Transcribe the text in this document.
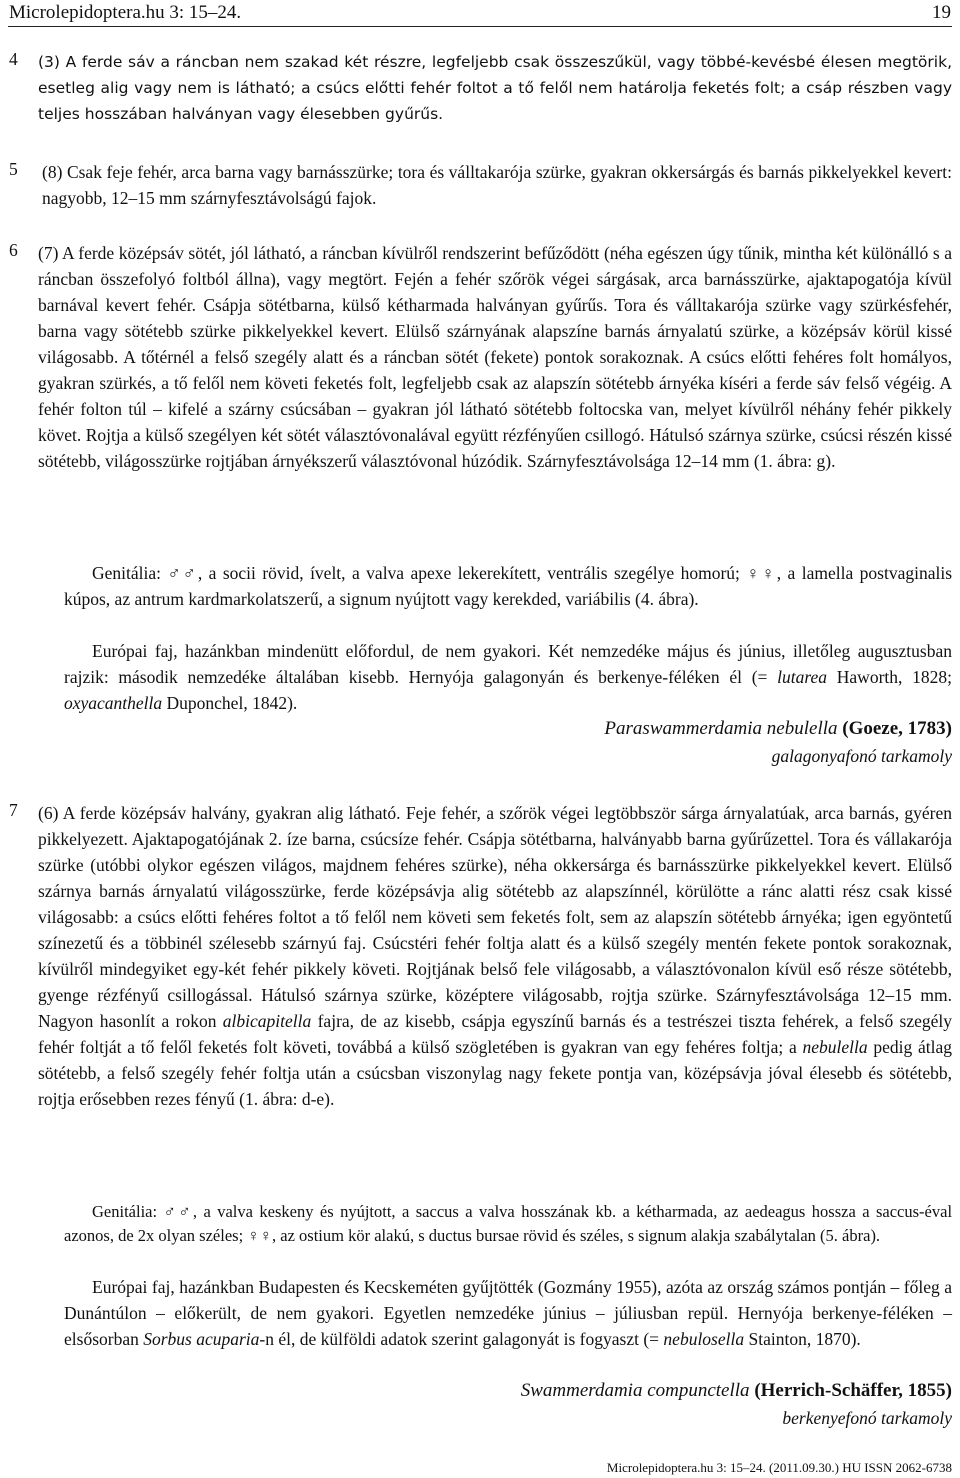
Microlepidoptera.hu 3: 15–24.	19
4 (3) A ferde sáv a ráncban nem szakad két részre, legfeljebb csak összeszűkül, vagy többé-kevésbé élesen megtörik, esetleg alig vagy nem is látható; a csúcs előtti fehér foltot a tő felől nem határolja feketés folt; a csáp részben vagy teljes hosszában halványan vagy élesebben gyűrűs.
5 (8) Csak feje fehér, arca barna vagy barnásszürke; tora és válltakarója szürke, gyakran okkersárgás és barnás pikkelyekkel kevert: nagyobb, 12–15 mm szárnyfesztávolságú fajok.
6 (7) A ferde középsáv sötét, jól látható, a ráncban kívülről rendszerint befűződött (néha egészen úgy tűnik, mintha két különálló s a ráncban összefolyó foltból állna), vagy megtört. Fején a fehér szőrök végei sárgásak, arca barnásszürke, ajaktapogatója kívül barnával kevert fehér. Csápja sötétbarna, külső kétharmada halványan gyűrűs. Tora és válltakarója szürke vagy szürkésfehér, barna vagy sötétebb szürke pikkelyekkel kevert. Elülső szárnyának alapszíne barnás árnyalatú szürke, a középsáv körül kissé világosabb. A tőtérnél a felső szegély alatt és a ráncban sötét (fekete) pontok sorakoznak. A csúcs előtti fehéres folt homályos, gyakran szürkés, a tő felől nem követi feketés folt, legfeljebb csak az alapszín sötétebb árnyéka kíséri a ferde sáv felső végéig. A fehér folton túl – kifelé a szárny csúcsában – gyakran jól látható sötétebb foltocska van, melyet kívülről néhány fehér pikkely követ. Rojtja a külső szegélyen két sötét választóvonalával együtt rézfényűen csillogó. Hátulsó szárnya szürke, csúcsi részén kissé sötétebb, világosszürke rojtjában árnyékszerű választóvonal húzódik. Szárnyfesztávolsága 12–14 mm (1. ábra: g).
Genitália: ♂♂, a socii rövid, ívelt, a valva apexe lekerekített, ventrális szegélye homorú; ♀♀, a lamella postvaginalis kúpos, az antrum kardmarkolatszerű, a signum nyújtott vagy kerekded, variábilis (4. ábra).
Európai faj, hazánkban mindenütt előfordul, de nem gyakori. Két nemzedéke május és június, illetőleg augusztusban rajzik: második nemzedéke általában kisebb. Hernyója galagonyán és berkenye-féléken él (= lutarea Haworth, 1828; oxyacanthella Duponchel, 1842).
Paraswammerdamia nebulella (Goeze, 1783)
galagonyafonó tarkamoly
7 (6) A ferde középsáv halvány, gyakran alig látható. Feje fehér, a szőrök végei legtöbbször sárga árnyalatúak, arca barnás, gyéren pikkelyezett. Ajaktapogatójának 2. íze barna, csúcsíze fehér. Csápja sötétbarna, halványabb barna gyűrűzettel. Tora és vállakarója szürke (utóbbi olykor egészen világos, majdnem fehéres szürke), néha okkersárga és barnásszürke pikkelyekkel kevert. Elülső szárnya barnás árnyalatú világosszürke, ferde középsávja alig sötétebb az alapszínnél, körülötte a ránc alatti rész csak kissé világosabb: a csúcs előtti fehéres foltot a tő felől nem követi sem feketés folt, sem az alapszín sötétebb árnyéka; igen egyöntetű színezetű és a többinél szélesebb szárnyú faj. Csúcstéri fehér foltja alatt és a külső szegély mentén fekete pontok sorakoznak, kívülről mindegyiket egy-két fehér pikkely követi. Rojtjának belső fele világosabb, a választóvonalon kívül eső része sötétebb, gyenge rézfényű csillogással. Hátulsó szárnya szürke, középtere világosabb, rojtja szürke. Szárnyfesztávolsága 12–15 mm. Nagyon hasonlít a rokon albicapitella fajra, de az kisebb, csápja egyszínű barnás és a testrészei tiszta fehérek, a felső szegély fehér foltját a tő felől feketés folt követi, továbbá a külső szögletében is gyakran van egy fehéres foltja; a nebulella pedig átlag sötétebb, a felső szegély fehér foltja után a csúcsban viszonylag nagy fekete pontja van, középsávja jóval élesebb és sötétebb, rojtja erősebben rezes fényű (1. ábra: d-e).
Genitália: ♂♂, a valva keskeny és nyújtott, a saccus a valva hosszának kb. a kétharmada, az aedeagus hossza a saccus-éval azonos, de 2x olyan széles; ♀♀, az ostium kör alakú, s ductus bursae rövid és széles, s signum alakja szabálytalan (5. ábra).
Európai faj, hazánkban Budapesten és Kecskeméten gyűjtötték (Gozmány 1955), azóta az ország számos pontján – főleg a Dunántúlon – előkerült, de nem gyakori. Egyetlen nemzedéke június – júliusban repül. Hernyója berkenye-féléken – elsősorban Sorbus acuparia-n él, de külföldi adatok szerint galagonyát is fogyaszt (= nebulosella Stainton, 1870).
Swammerdamia compunctella (Herrich-Schäffer, 1855)
berkenyefonó tarkamoly
Microlepidoptera.hu 3: 15–24. (2011.09.30.) HU ISSN 2062-6738
